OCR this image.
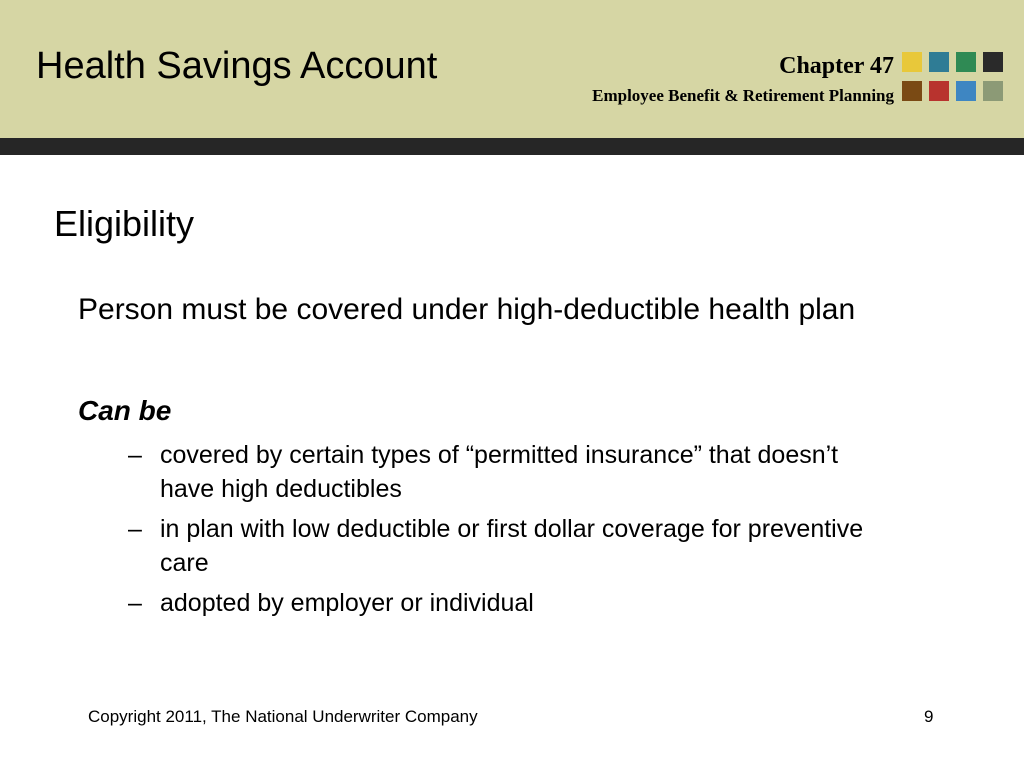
Health Savings Account	Chapter 47
Employee Benefit & Retirement Planning
Eligibility
Person must be covered under high-deductible health plan
Can be
– covered by certain types of “permitted insurance” that doesn’t have high deductibles
– in plan with low deductible or first dollar coverage for preventive care
– adopted by employer or individual
Copyright 2011, The National Underwriter Company	9
